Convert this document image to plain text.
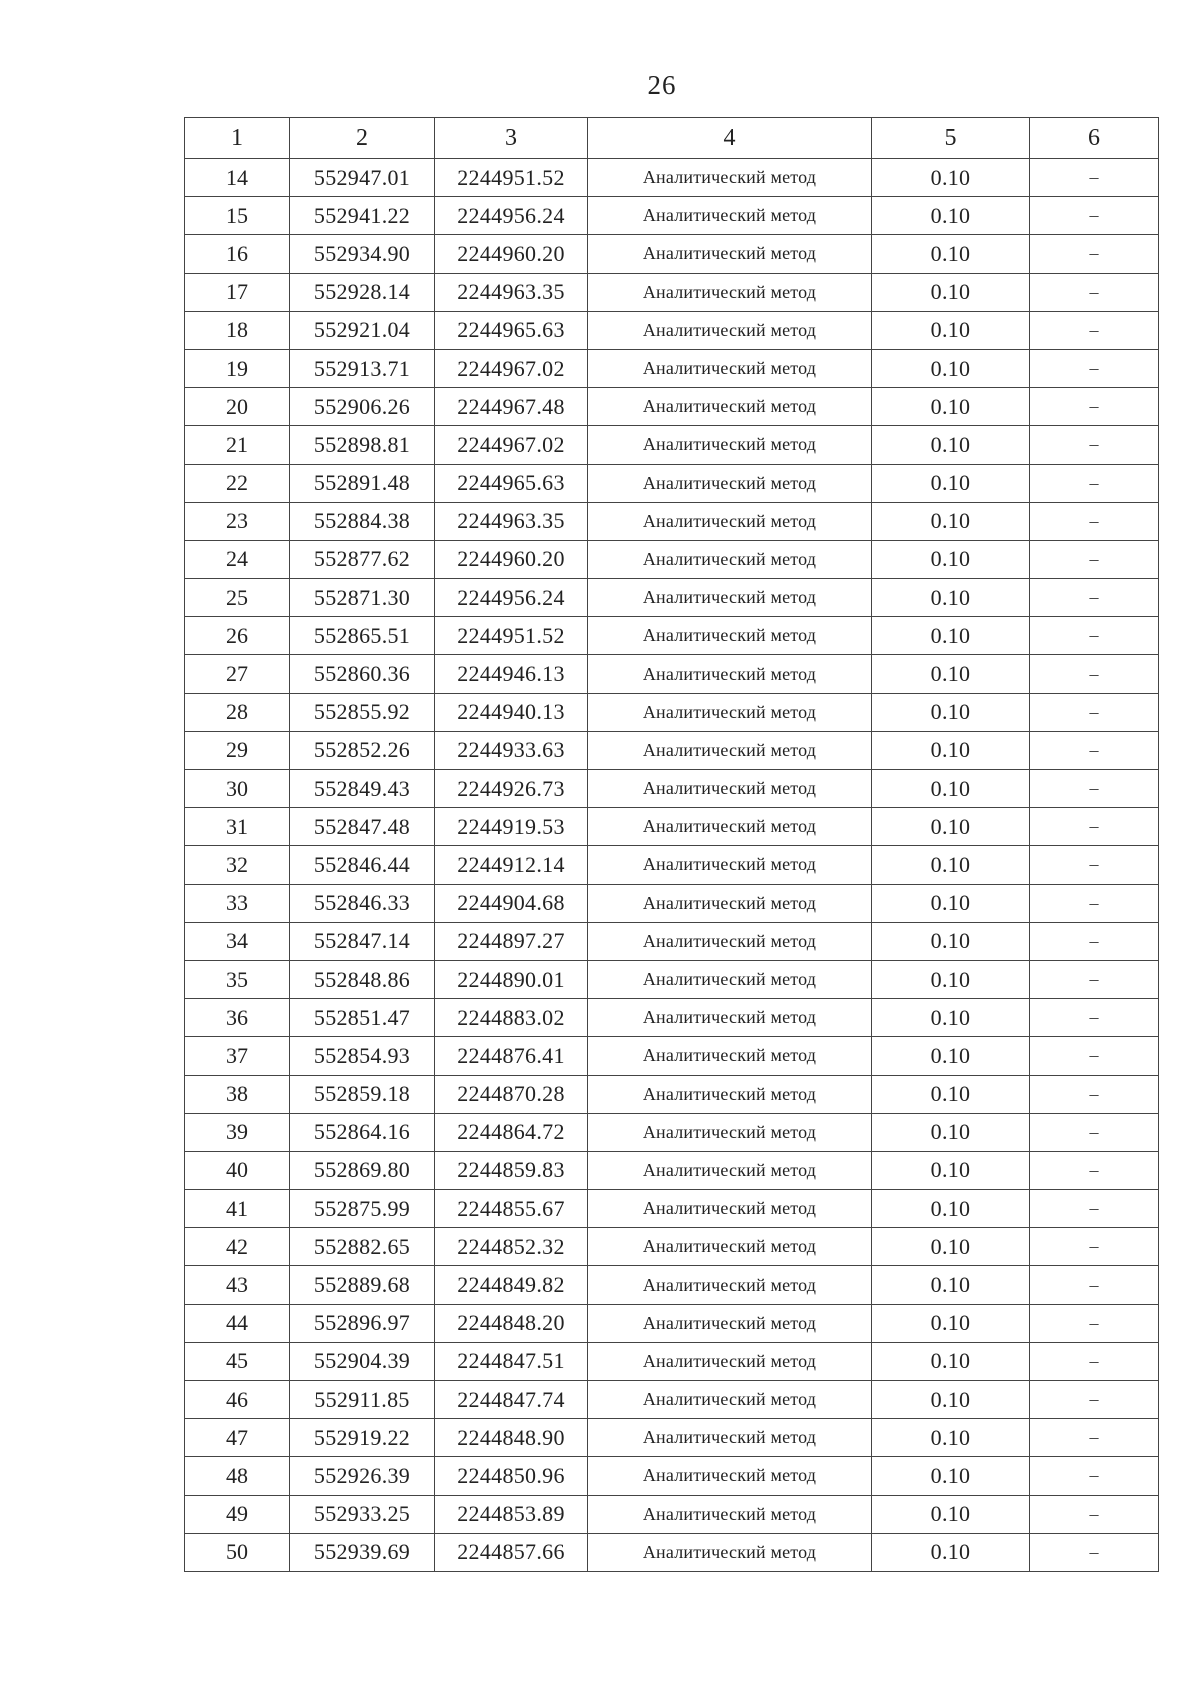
26
1	2	3	4	5	6
14	552947.01	2244951.52	Аналитический метод	0.10	–
15	552941.22	2244956.24	Аналитический метод	0.10	–
16	552934.90	2244960.20	Аналитический метод	0.10	–
17	552928.14	2244963.35	Аналитический метод	0.10	–
18	552921.04	2244965.63	Аналитический метод	0.10	–
19	552913.71	2244967.02	Аналитический метод	0.10	–
20	552906.26	2244967.48	Аналитический метод	0.10	–
21	552898.81	2244967.02	Аналитический метод	0.10	–
22	552891.48	2244965.63	Аналитический метод	0.10	–
23	552884.38	2244963.35	Аналитический метод	0.10	–
24	552877.62	2244960.20	Аналитический метод	0.10	–
25	552871.30	2244956.24	Аналитический метод	0.10	–
26	552865.51	2244951.52	Аналитический метод	0.10	–
27	552860.36	2244946.13	Аналитический метод	0.10	–
28	552855.92	2244940.13	Аналитический метод	0.10	–
29	552852.26	2244933.63	Аналитический метод	0.10	–
30	552849.43	2244926.73	Аналитический метод	0.10	–
31	552847.48	2244919.53	Аналитический метод	0.10	–
32	552846.44	2244912.14	Аналитический метод	0.10	–
33	552846.33	2244904.68	Аналитический метод	0.10	–
34	552847.14	2244897.27	Аналитический метод	0.10	–
35	552848.86	2244890.01	Аналитический метод	0.10	–
36	552851.47	2244883.02	Аналитический метод	0.10	–
37	552854.93	2244876.41	Аналитический метод	0.10	–
38	552859.18	2244870.28	Аналитический метод	0.10	–
39	552864.16	2244864.72	Аналитический метод	0.10	–
40	552869.80	2244859.83	Аналитический метод	0.10	–
41	552875.99	2244855.67	Аналитический метод	0.10	–
42	552882.65	2244852.32	Аналитический метод	0.10	–
43	552889.68	2244849.82	Аналитический метод	0.10	–
44	552896.97	2244848.20	Аналитический метод	0.10	–
45	552904.39	2244847.51	Аналитический метод	0.10	–
46	552911.85	2244847.74	Аналитический метод	0.10	–
47	552919.22	2244848.90	Аналитический метод	0.10	–
48	552926.39	2244850.96	Аналитический метод	0.10	–
49	552933.25	2244853.89	Аналитический метод	0.10	–
50	552939.69	2244857.66	Аналитический метод	0.10	–
